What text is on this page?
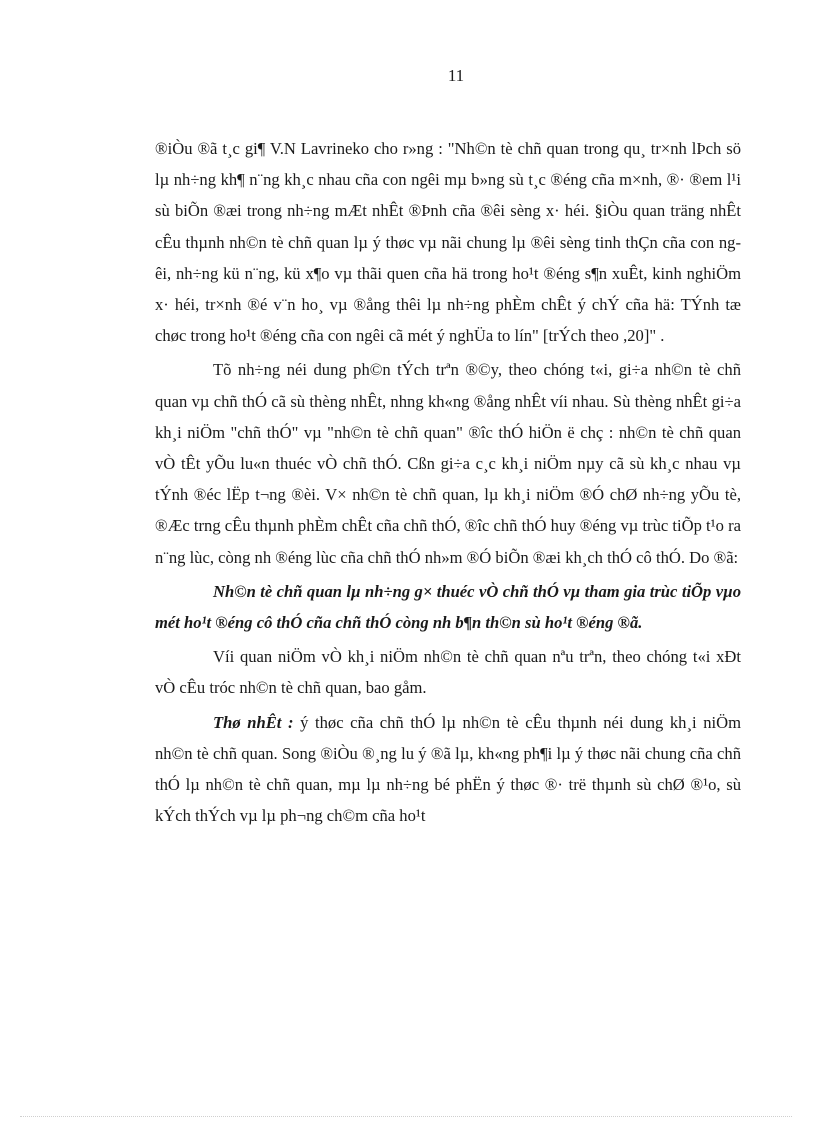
11

®iÒu ®ã t¸c gi¶ V.N Lavrineko cho r»ng : "Nh©n tè chñ quan trong qu¸ tr×nh lÞch sö lµ nh÷ng kh¶ n¨ng kh¸c nhau cña con ngêi mµ b»ng sù t¸c ®éng cña m×nh, ®· ®em l¹i sù biÕn ®æi trong nh÷ng mÆt nhÊt ®Þnh cña ®êi sèng x· héi. §iÒu quan träng nhÊt cÊu thµnh nh©n tè chñ quan lµ ý thøc vµ nãi chung lµ ®êi sèng tinh thÇn cña con ngêi, nh÷ng kü n¨ng, kü x¶o vµ thãi quen cña hä trong ho¹t ®éng s¶n xuÊt, kinh nghiÖm x· héi, tr×nh ®é v¨n ho¸ vµ ®ång thêi lµ nh÷ng phÈm chÊt ý chÝ cña hä: TÝnh tæ chøc trong ho¹t ®éng cña con ngêi cã mét ý nghÜa to lín" [trÝch theo ,20]" .

Tõ nh÷ng néi dung ph©n tÝch trªn ®©y, theo chóng t«i, gi÷a nh©n tè chñ quan vµ chñ thÓ cã sù thèng nhÊt, nhng kh«ng ®ång nhÊt víi nhau. Sù thèng nhÊt gi÷a kh¸i niÖm "chñ thÓ" vµ "nh©n tè chñ quan" ®îc thÓ hiÖn ë chç : nh©n tè chñ quan vÒ tÊt yÕu lu«n thuéc vÒ chñ thÓ. Cßn gi÷a c¸c kh¸i niÖm nµy cã sù kh¸c nhau vµ tÝnh ®éc lËp t¬ng ®èi. V× nh©n tè chñ quan, lµ kh¸i niÖm ®Ó chØ nh÷ng yÕu tè, ®Æc trng cÊu thµnh phÈm chÊt cña chñ thÓ, ®îc chñ thÓ huy ®éng vµ trùc tiÕp t¹o ra n¨ng lùc, còng nh ®éng lùc cña chñ thÓ nh»m ®Ó biÕn ®æi kh¸ch thÓ cô thÓ. Do ®ã:

Nh©n tè chñ quan lµ nh÷ng g× thuéc vÒ chñ thÓ vµ tham gia trùc tiÕp vµo mét ho¹t ®éng cô thÓ cña chñ thÓ còng nh b¶n th©n sù ho¹t ®éng ®ã.

Víi quan niÖm vÒ kh¸i niÖm nh©n tè chñ quan nªu trªn, theo chóng t«i xÐt vÒ cÊu tróc nh©n tè chñ quan, bao gåm.

Thø nhÊt : ý thøc cña chñ thÓ lµ nh©n tè cÊu thµnh néi dung kh¸i niÖm nh©n tè chñ quan. Song ®iÒu ®¸ng lu ý ®ã lµ, kh«ng ph¶i lµ ý thøc nãi chung cña chñ thÓ lµ nh©n tè chñ quan, mµ lµ nh÷ng bé phËn ý thøc ®· trë thµnh sù chØ ®¹o, sù kÝch thÝch vµ lµ ph¬ng ch©m cña ho¹t
